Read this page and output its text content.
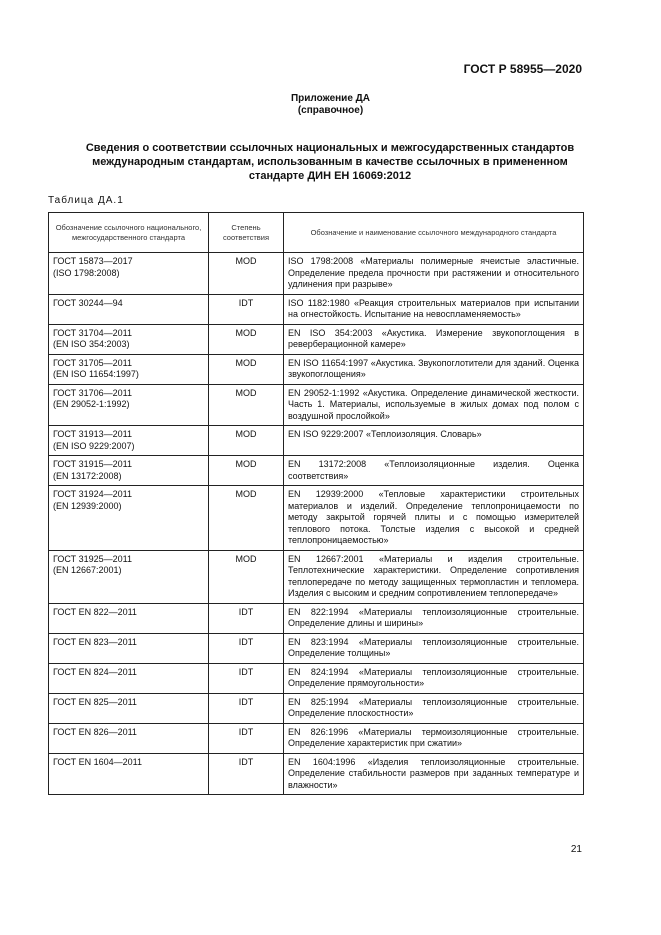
ГОСТ Р 58955—2020

Приложение ДА

(справочное)

Сведения о соответствии ссылочных национальных и межгосударственных стандартов международным стандартам, использованным в качестве ссылочных в примененном стандарте ДИН ЕН 16069:2012

Таблица ДА.1

Обозначение ссылочного национального, межгосударственного стандарта	Степень соответствия	Обозначение и наименование ссылочного международного стандарта
ГОСТ 15873—2017
(ISO 1798:2008)	MOD	ISO 1798:2008 «Материалы полимерные ячеистые эластичные. Определение предела прочности при растяжении и относительного удлинения при разрыве»
ГОСТ 30244—94	IDT	ISO 1182:1980 «Реакция строительных материалов при испытании на огнестойкость. Испытание на невоспламеняемость»
ГОСТ 31704—2011
(EN ISO 354:2003)	MOD	EN ISO 354:2003 «Акустика. Измерение звукопоглощения в реверберационной камере»
ГОСТ 31705—2011
(EN ISO 11654:1997)	MOD	EN ISO 11654:1997 «Акустика. Звукопоглотители для зданий. Оценка звукопоглощения»
ГОСТ 31706—2011
(EN 29052-1:1992)	MOD	EN 29052-1:1992 «Акустика. Определение динамической жесткости. Часть 1. Материалы, используемые в жилых домах под полом с воздушной прослойкой»
ГОСТ 31913—2011
(EN ISO 9229:2007)	MOD	EN ISO 9229:2007 «Теплоизоляция. Словарь»
ГОСТ 31915—2011
(EN 13172:2008)	MOD	EN 13172:2008 «Теплоизоляционные изделия. Оценка соответствия»
ГОСТ 31924—2011
(EN 12939:2000)	MOD	EN 12939:2000 «Тепловые характеристики строительных материалов и изделий. Определение теплопроницаемости по методу закрытой горячей плиты и с помощью измерителей теплового потока. Толстые изделия с высокой и средней теплопроницаемостью»
ГОСТ 31925—2011
(EN 12667:2001)	MOD	EN 12667:2001 «Материалы и изделия строительные. Теплотехнические характеристики. Определение сопротивления теплопередаче по методу защищенных термопластин и тепломера. Изделия с высоким и средним сопротивлением теплопередаче»
ГОСТ EN 822—2011	IDT	EN 822:1994 «Материалы теплоизоляционные строительные. Определение длины и ширины»
ГОСТ EN 823—2011	IDT	EN 823:1994 «Материалы теплоизоляционные строительные. Определение толщины»
ГОСТ EN 824—2011	IDT	EN 824:1994 «Материалы теплоизоляционные строительные. Определение прямоугольности»
ГОСТ EN 825—2011	IDT	EN 825:1994 «Материалы теплоизоляционные строительные. Определение плоскостности»
ГОСТ EN 826—2011	IDT	EN 826:1996 «Материалы термоизоляционные строительные. Определение характеристик при сжатии»
ГОСТ EN 1604—2011	IDT	EN 1604:1996 «Изделия теплоизоляционные строительные. Определение стабильности размеров при заданных температуре и влажности»

21
